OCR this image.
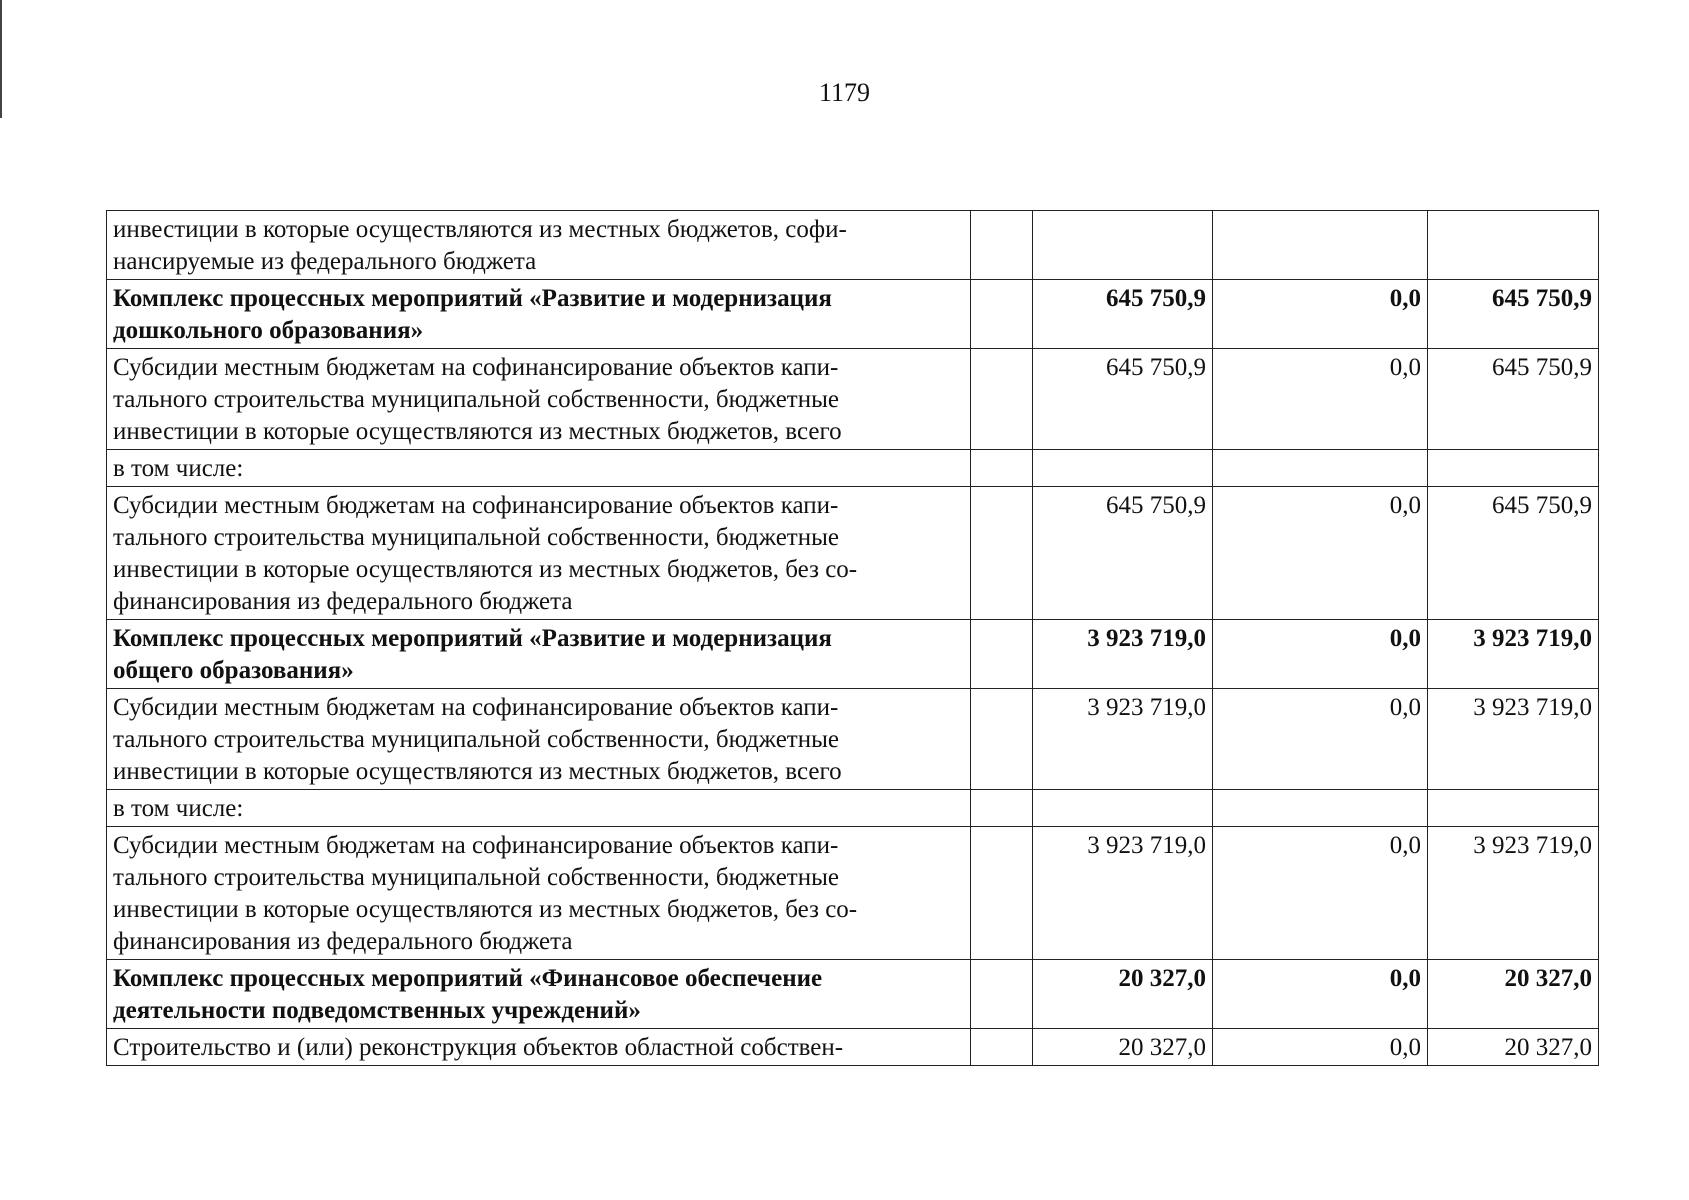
1179
инвестиции в которые осуществляются из местных бюджетов, софи-
нансируемые из федерального бюджета				

Комплекс процессных мероприятий «Развитие и модернизация
дошкольного образования»		645 750,9	0,0	645 750,9

Субсидии местным бюджетам на софинансирование объектов капи-
тального строительства муниципальной собственности, бюджетные
инвестиции в которые осуществляются из местных бюджетов, всего		645 750,9	0,0	645 750,9

в том числе:				

Субсидии местным бюджетам на софинансирование объектов капи-
тального строительства муниципальной собственности, бюджетные
инвестиции в которые осуществляются из местных бюджетов, без со-
финансирования из федерального бюджета		645 750,9	0,0	645 750,9

Комплекс процессных мероприятий «Развитие и модернизация
общего образования»		3 923 719,0	0,0	3 923 719,0

Субсидии местным бюджетам на софинансирование объектов капи-
тального строительства муниципальной собственности, бюджетные
инвестиции в которые осуществляются из местных бюджетов, всего		3 923 719,0	0,0	3 923 719,0

в том числе:				

Субсидии местным бюджетам на софинансирование объектов капи-
тального строительства муниципальной собственности, бюджетные
инвестиции в которые осуществляются из местных бюджетов, без со-
финансирования из федерального бюджета		3 923 719,0	0,0	3 923 719,0

Комплекс процессных мероприятий «Финансовое обеспечение
деятельности подведомственных учреждений»		20 327,0	0,0	20 327,0

Строительство и (или) реконструкция объектов областной собствен-		20 327,0	0,0	20 327,0
